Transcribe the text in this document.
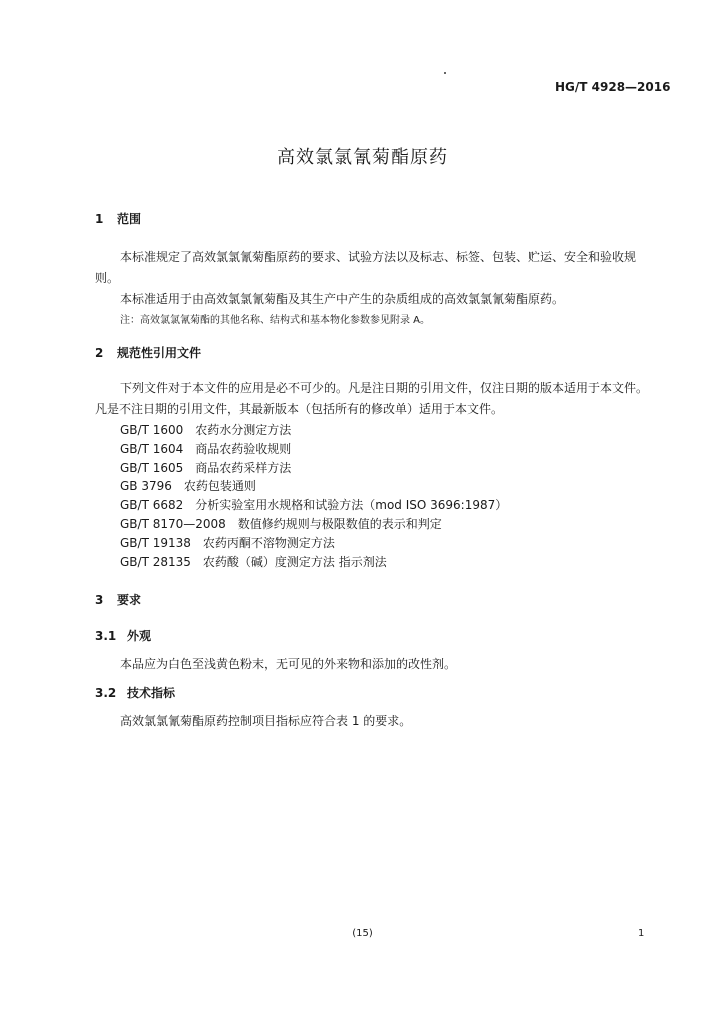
HG/T 4928—2016
高效氯氯氰菊酯原药
1 范围
本标准规定了高效氯氯氰菊酯原药的要求、试验方法以及标志、标签、包装、贮运、安全和验收规则。
本标准适用于由高效氯氯氰菊酯及其生产中产生的杂质组成的高效氯氯氰菊酯原药。
注：高效氯氯氰菊酯的其他名称、结构式和基本物化参数参见附录 A。
2 规范性引用文件
下列文件对于本文件的应用是必不可少的。凡是注日期的引用文件，仅注日期的版本适用于本文件。凡是不注日期的引用文件，其最新版本（包括所有的修改单）适用于本文件。
GB/T 1600 农药水分测定方法
GB/T 1604 商品农药验收规则
GB/T 1605 商品农药采样方法
GB 3796 农药包装通则
GB/T 6682 分析实验室用水规格和试验方法（mod ISO 3696:1987）
GB/T 8170—2008 数值修约规则与极限数值的表示和判定
GB/T 19138 农药丙酮不溶物测定方法
GB/T 28135 农药酸（碱）度测定方法 指示剂法
3 要求
3.1 外观
本品应为白色至浅黄色粉末，无可见的外来物和添加的改性剂。
3.2 技术指标
高效氯氯氰菊酯原药控制项目指标应符合表 1 的要求。
(15)	1
